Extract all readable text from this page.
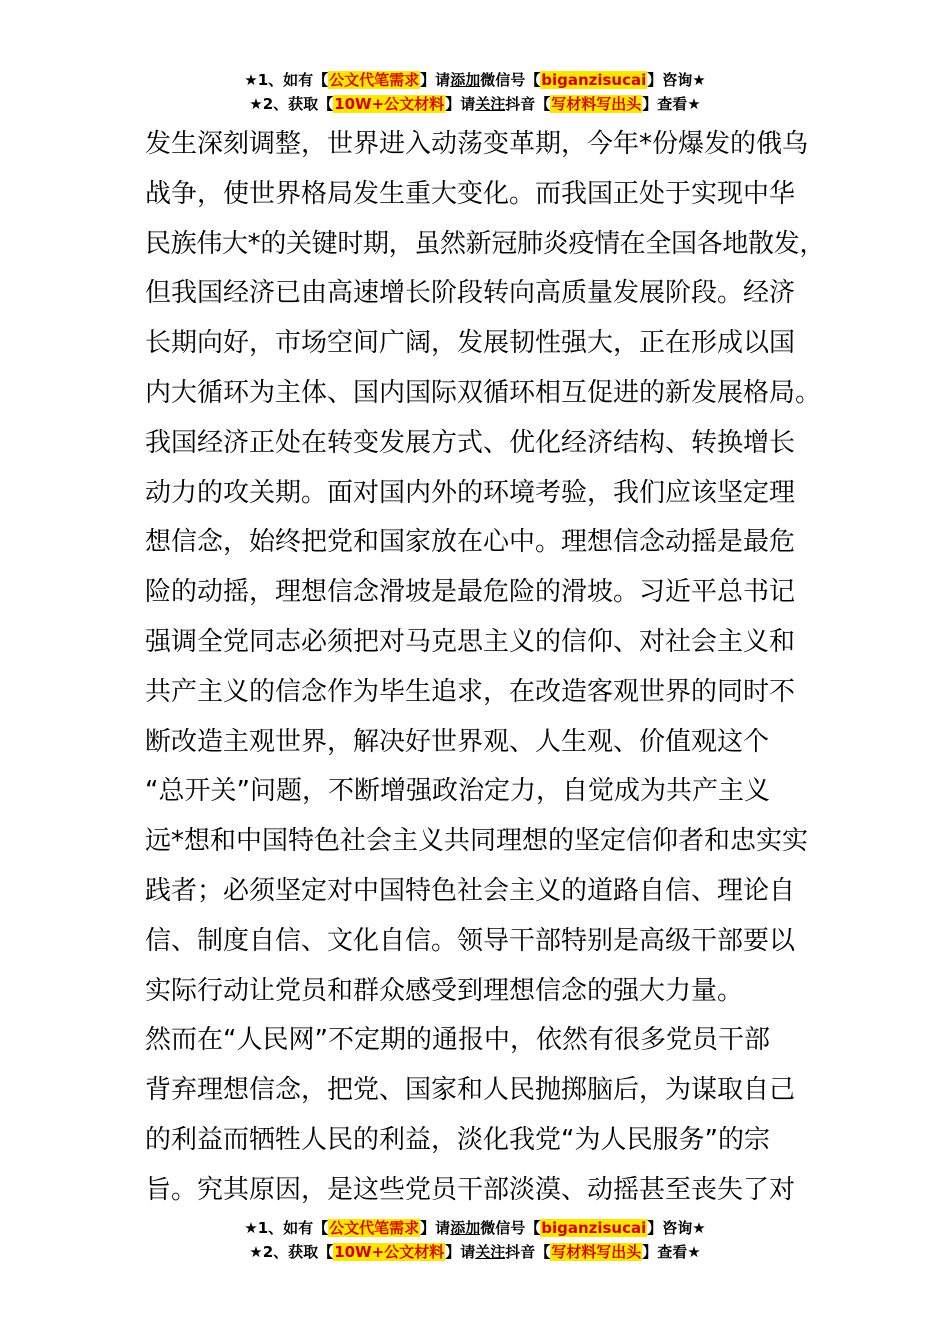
★1、如有【公文代笔需求】请添加微信号【biganzisucai】咨询★
★2、获取【10W+公文材料】请关注抖音【写材料写出头】查看★
发生深刻调整，世界进入动荡变革期，今年*份爆发的俄乌
战争，使世界格局发生重大变化。而我国正处于实现中华
民族伟大*的关键时期，虽然新冠肺炎疫情在全国各地散发，
但我国经济已由高速增长阶段转向高质量发展阶段。经济
长期向好，市场空间广阔，发展韧性强大，正在形成以国
内大循环为主体、国内国际双循环相互促进的新发展格局。
我国经济正处在转变发展方式、优化经济结构、转换增长
动力的攻关期。面对国内外的环境考验，我们应该坚定理
想信念，始终把党和国家放在心中。理想信念动摇是最危
险的动摇，理想信念滑坡是最危险的滑坡。习近平总书记
强调全党同志必须把对马克思主义的信仰、对社会主义和
共产主义的信念作为毕生追求，在改造客观世界的同时不
断改造主观世界，解决好世界观、人生观、价值观这个
“总开关”问题，不断增强政治定力，自觉成为共产主义
远*想和中国特色社会主义共同理想的坚定信仰者和忠实实
践者；必须坚定对中国特色社会主义的道路自信、理论自
信、制度自信、文化自信。领导干部特别是高级干部要以
实际行动让党员和群众感受到理想信念的强大力量。
然而在“人民网”不定期的通报中，依然有很多党员干部
背弃理想信念，把党、国家和人民抛掷脑后，为谋取自己
的利益而牺牲人民的利益，淡化我党“为人民服务”的宗
旨。究其原因，是这些党员干部淡漠、动摇甚至丧失了对
★1、如有【公文代笔需求】请添加微信号【biganzisucai】咨询★
★2、获取【10W+公文材料】请关注抖音【写材料写出头】查看★
